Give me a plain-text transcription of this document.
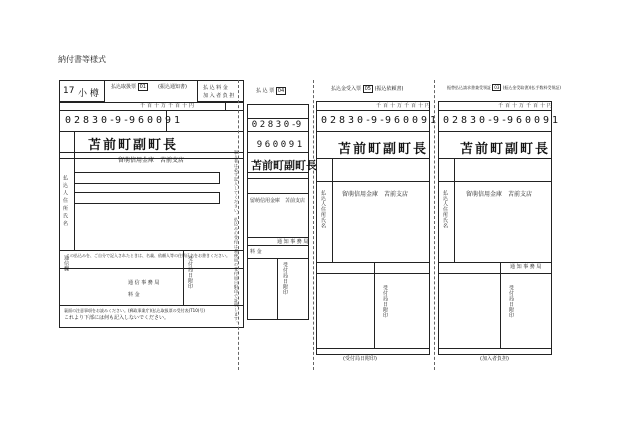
納付書等様式
17 小 樽
払込取扱票 01	(振込通知書)	払 込 料 金
加 入 者 負 担
千百十万千百十円
0 2 8 3 0 -
9 -
9 6 0 0 9 1
苫前町副町長
留萌信用金庫　苫前支店
払 込 人 住 所 氏 名
通信欄
この払込みを、ご自分で記入されたときは、名義、依頼人等の住所氏名をお書きください。
通 信 事 務 局
料 金
受付局日附印
裏面の注意事項をお読みください。(郵政事業庁)(払込取扱票の受付表(T10)号)
これより下部には何も記入しないでください。
払 込 票 04
0 2 8 3 0 -
9
9 6 0 0 9 1
苫前町副町長
留萌信用金庫　苫前支店
通 知 事 務 局
料 金
受付局日附印
加入者は必ず記入してください。払込みの受付は郵便局の受付局日附印で証明します。
払込金受入票 05 (振込依頼書)
千百十万千百十円
0 2 8 3 0 -
9 -
9 6 0 0 9 1
苫前町副町長
留萌信用金庫　苫前支店
払込人住所氏名
受付局日附印
(受付局日附印)
振替払込請求書兼受領証 03 (振込金受取書)(払手数料受領証)
千百十万千百十円
0 2 8 3 0 -
9 -
9 6 0 0 9 1
苫前町副町長
留萌信用金庫　苫前支店
払込人住所氏名
通 知 事 務 局
受付局日附印
(加入者負担)
